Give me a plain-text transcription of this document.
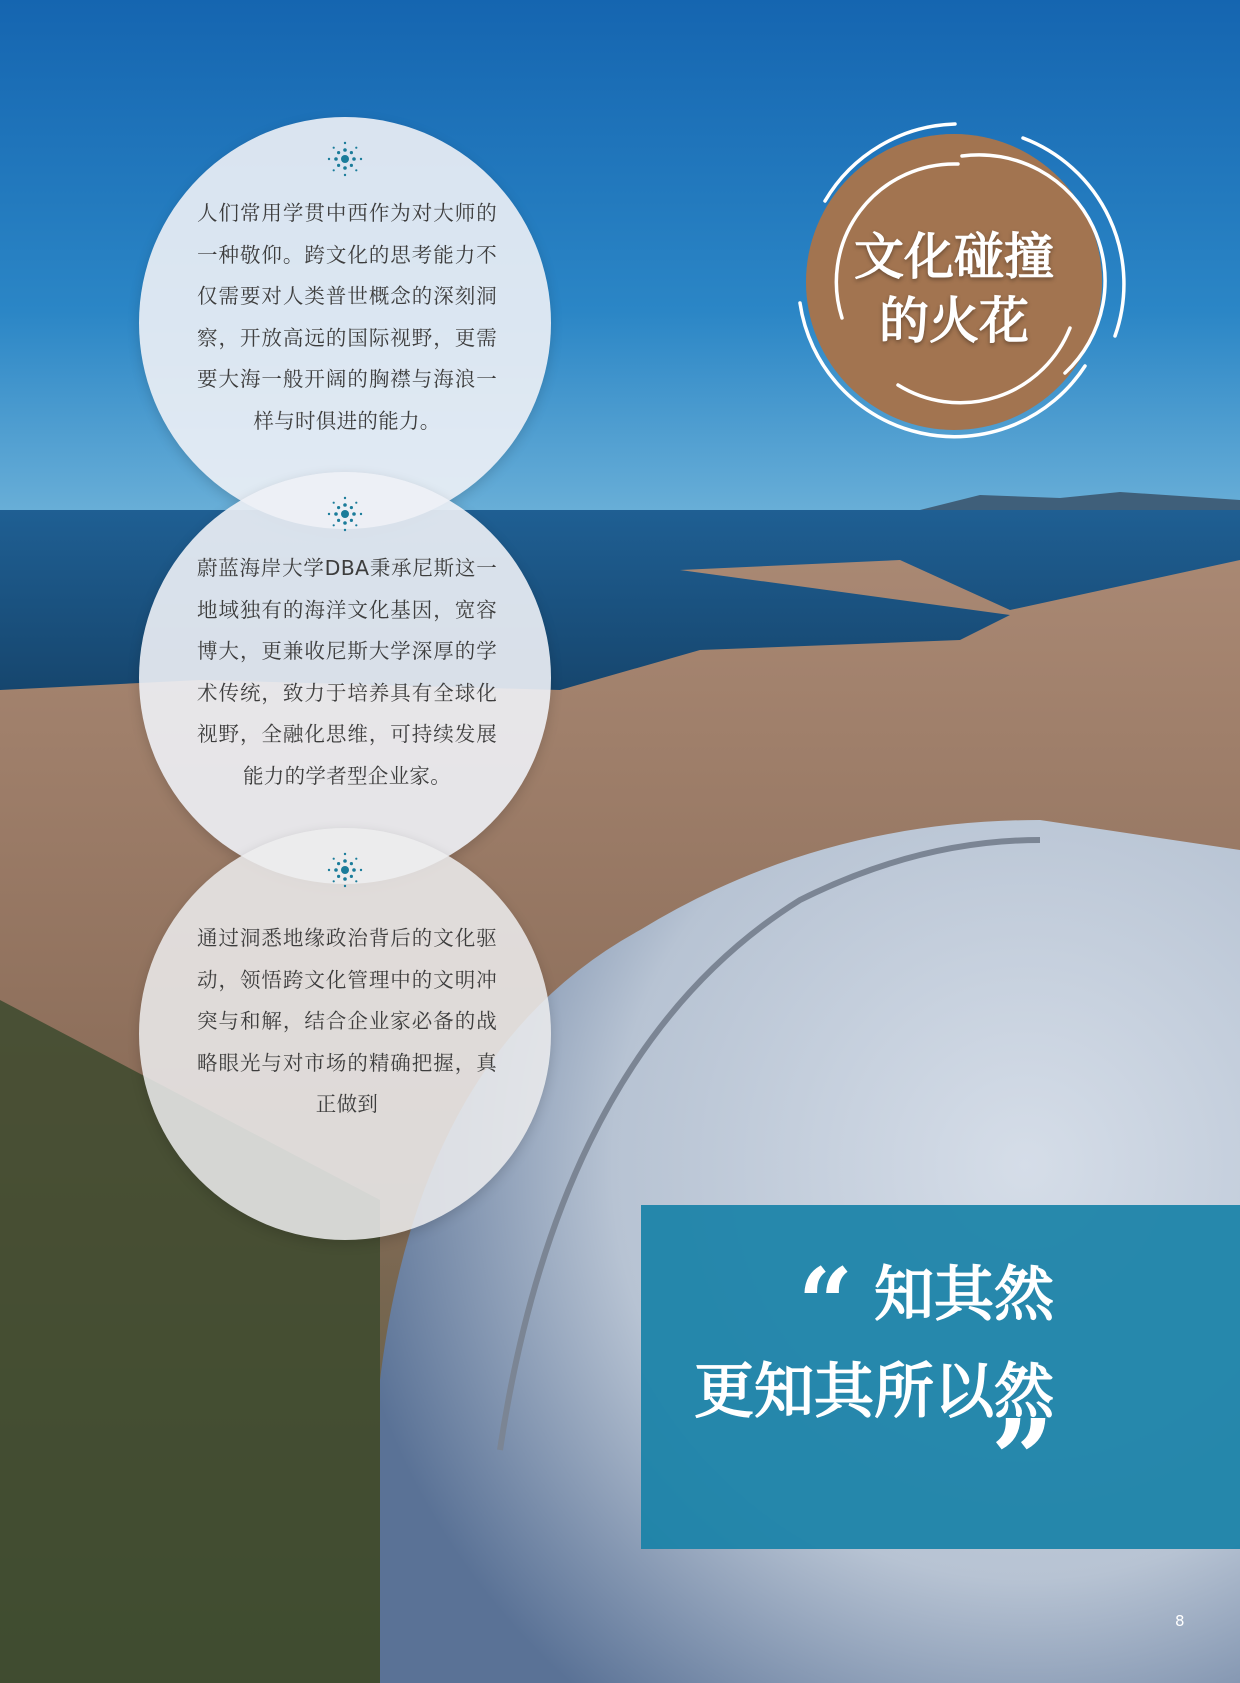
人们常用学贯中西作为对大师的一种敬仰。跨文化的思考能力不仅需要对人类普世概念的深刻洞察，开放高远的国际视野，更需要大海一般开阔的胸襟与海浪一样与时俱进的能力。
蔚蓝海岸大学DBA秉承尼斯这一地域独有的海洋文化基因，宽容博大，更兼收尼斯大学深厚的学术传统，致力于培养具有全球化视野，全融化思维，可持续发展能力的学者型企业家。
通过洞悉地缘政治背后的文化驱动，领悟跨文化管理中的文明冲突与和解，结合企业家必备的战略眼光与对市场的精确把握，真正做到
文化碰撞
的火花
“ 知其然
更知其所以然
”
8
